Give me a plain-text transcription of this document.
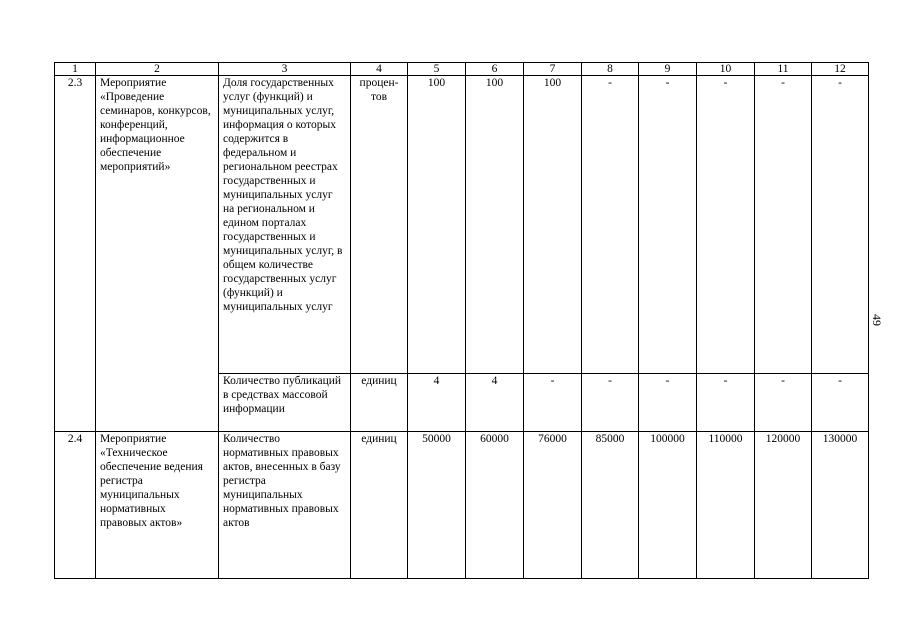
1	2	3	4	5	6	7	8	9	10	11	12
2.3	Мероприятие «Проведение семинаров, конкурсов, конференций, информационное обеспечение мероприятий»	Доля государственных услуг (функций) и муниципальных услуг, информация о которых содержится в федеральном и региональном реестрах государственных и муниципальных услуг на региональном и едином порталах государственных и муниципальных услуг, в общем количестве государственных услуг (функций) и муниципальных услуг	процен-тов	100	100	100	-	-	-	-	-
		Количество публикаций в средствах массовой информации	единиц	4	4	-	-	-	-	-	-
2.4	Мероприятие «Техническое обеспечение ведения регистра муниципальных нормативных правовых актов»	Количество нормативных правовых актов, внесенных в базу регистра муниципальных нормативных правовых актов	единиц	50000	60000	76000	85000	100000	110000	120000	130000
49
